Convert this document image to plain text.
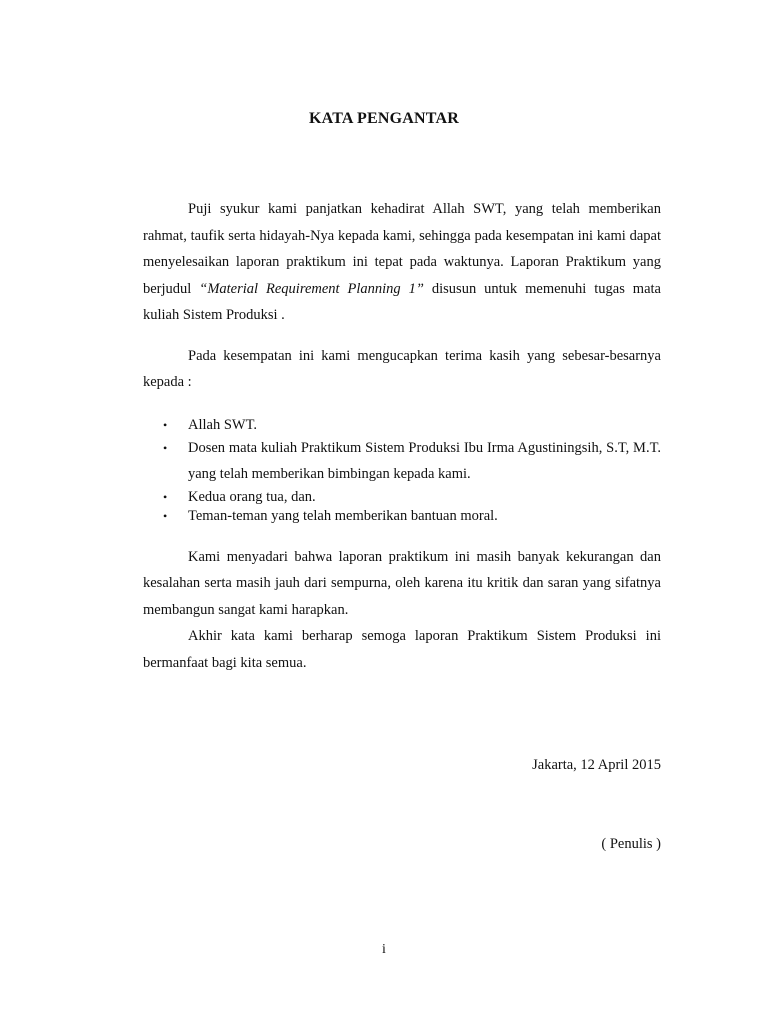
KATA PENGANTAR

Puji syukur kami panjatkan kehadirat Allah SWT, yang telah memberikan rahmat, taufik serta hidayah-Nya kepada kami, sehingga pada kesempatan ini kami dapat menyelesaikan laporan praktikum ini tepat pada waktunya. Laporan Praktikum yang berjudul “Material Requirement Planning 1” disusun untuk memenuhi tugas mata kuliah Sistem Produksi .

Pada kesempatan ini kami mengucapkan terima kasih yang sebesar-besarnya kepada :

• Allah SWT.
• Dosen mata kuliah Praktikum Sistem Produksi Ibu Irma Agustiningsih, S.T, M.T. yang telah memberikan bimbingan kepada kami.
• Kedua orang tua, dan.
• Teman-teman yang telah memberikan bantuan moral.

Kami menyadari bahwa laporan praktikum ini masih banyak kekurangan dan kesalahan serta masih jauh dari sempurna, oleh karena itu kritik dan saran yang sifatnya membangun sangat kami harapkan.

Akhir kata kami berharap semoga laporan Praktikum Sistem Produksi ini bermanfaat bagi kita semua.

Jakarta, 12 April 2015
( Penulis )
i
